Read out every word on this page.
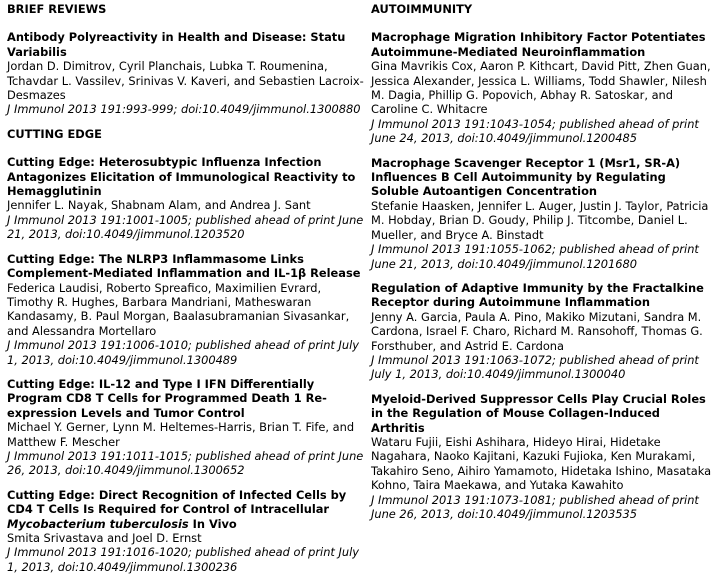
BRIEF REVIEWS
Antibody Polyreactivity in Health and Disease: Statu Variabilis
Jordan D. Dimitrov, Cyril Planchais, Lubka T. Roumenina, Tchavdar L. Vassilev, Srinivas V. Kaveri, and Sebastien Lacroix-Desmazes
J Immunol 2013 191:993-999; doi:10.4049/jimmunol.1300880
CUTTING EDGE
Cutting Edge: Heterosubtypic Influenza Infection Antagonizes Elicitation of Immunological Reactivity to Hemagglutinin
Jennifer L. Nayak, Shabnam Alam, and Andrea J. Sant
J Immunol 2013 191:1001-1005; published ahead of print June 21, 2013, doi:10.4049/jimmunol.1203520
Cutting Edge: The NLRP3 Inflammasome Links Complement-Mediated Inflammation and IL-1β Release
Federica Laudisi, Roberto Spreafico, Maximilien Evrard, Timothy R. Hughes, Barbara Mandriani, Matheswaran Kandasamy, B. Paul Morgan, Baalasubramanian Sivasankar, and Alessandra Mortellaro
J Immunol 2013 191:1006-1010; published ahead of print July 1, 2013, doi:10.4049/jimmunol.1300489
Cutting Edge: IL-12 and Type I IFN Differentially Program CD8 T Cells for Programmed Death 1 Re-expression Levels and Tumor Control
Michael Y. Gerner, Lynn M. Heltemes-Harris, Brian T. Fife, and Matthew F. Mescher
J Immunol 2013 191:1011-1015; published ahead of print June 26, 2013, doi:10.4049/jimmunol.1300652
Cutting Edge: Direct Recognition of Infected Cells by CD4 T Cells Is Required for Control of Intracellular Mycobacterium tuberculosis In Vivo
Smita Srivastava and Joel D. Ernst
J Immunol 2013 191:1016-1020; published ahead of print July 1, 2013, doi:10.4049/jimmunol.1300236
AUTOIMMUNITY
Macrophage Migration Inhibitory Factor Potentiates Autoimmune-Mediated Neuroinflammation
Gina Mavrikis Cox, Aaron P. Kithcart, David Pitt, Zhen Guan, Jessica Alexander, Jessica L. Williams, Todd Shawler, Nilesh M. Dagia, Phillip G. Popovich, Abhay R. Satoskar, and Caroline C. Whitacre
J Immunol 2013 191:1043-1054; published ahead of print June 24, 2013, doi:10.4049/jimmunol.1200485
Macrophage Scavenger Receptor 1 (Msr1, SR-A) Influences B Cell Autoimmunity by Regulating Soluble Autoantigen Concentration
Stefanie Haasken, Jennifer L. Auger, Justin J. Taylor, Patricia M. Hobday, Brian D. Goudy, Philip J. Titcombe, Daniel L. Mueller, and Bryce A. Binstadt
J Immunol 2013 191:1055-1062; published ahead of print June 21, 2013, doi:10.4049/jimmunol.1201680
Regulation of Adaptive Immunity by the Fractalkine Receptor during Autoimmune Inflammation
Jenny A. Garcia, Paula A. Pino, Makiko Mizutani, Sandra M. Cardona, Israel F. Charo, Richard M. Ransohoff, Thomas G. Forsthuber, and Astrid E. Cardona
J Immunol 2013 191:1063-1072; published ahead of print July 1, 2013, doi:10.4049/jimmunol.1300040
Myeloid-Derived Suppressor Cells Play Crucial Roles in the Regulation of Mouse Collagen-Induced Arthritis
Wataru Fujii, Eishi Ashihara, Hideyo Hirai, Hidetake Nagahara, Naoko Kajitani, Kazuki Fujioka, Ken Murakami, Takahiro Seno, Aihiro Yamamoto, Hidetaka Ishino, Masataka Kohno, Taira Maekawa, and Yutaka Kawahito
J Immunol 2013 191:1073-1081; published ahead of print June 26, 2013, doi:10.4049/jimmunol.1203535
